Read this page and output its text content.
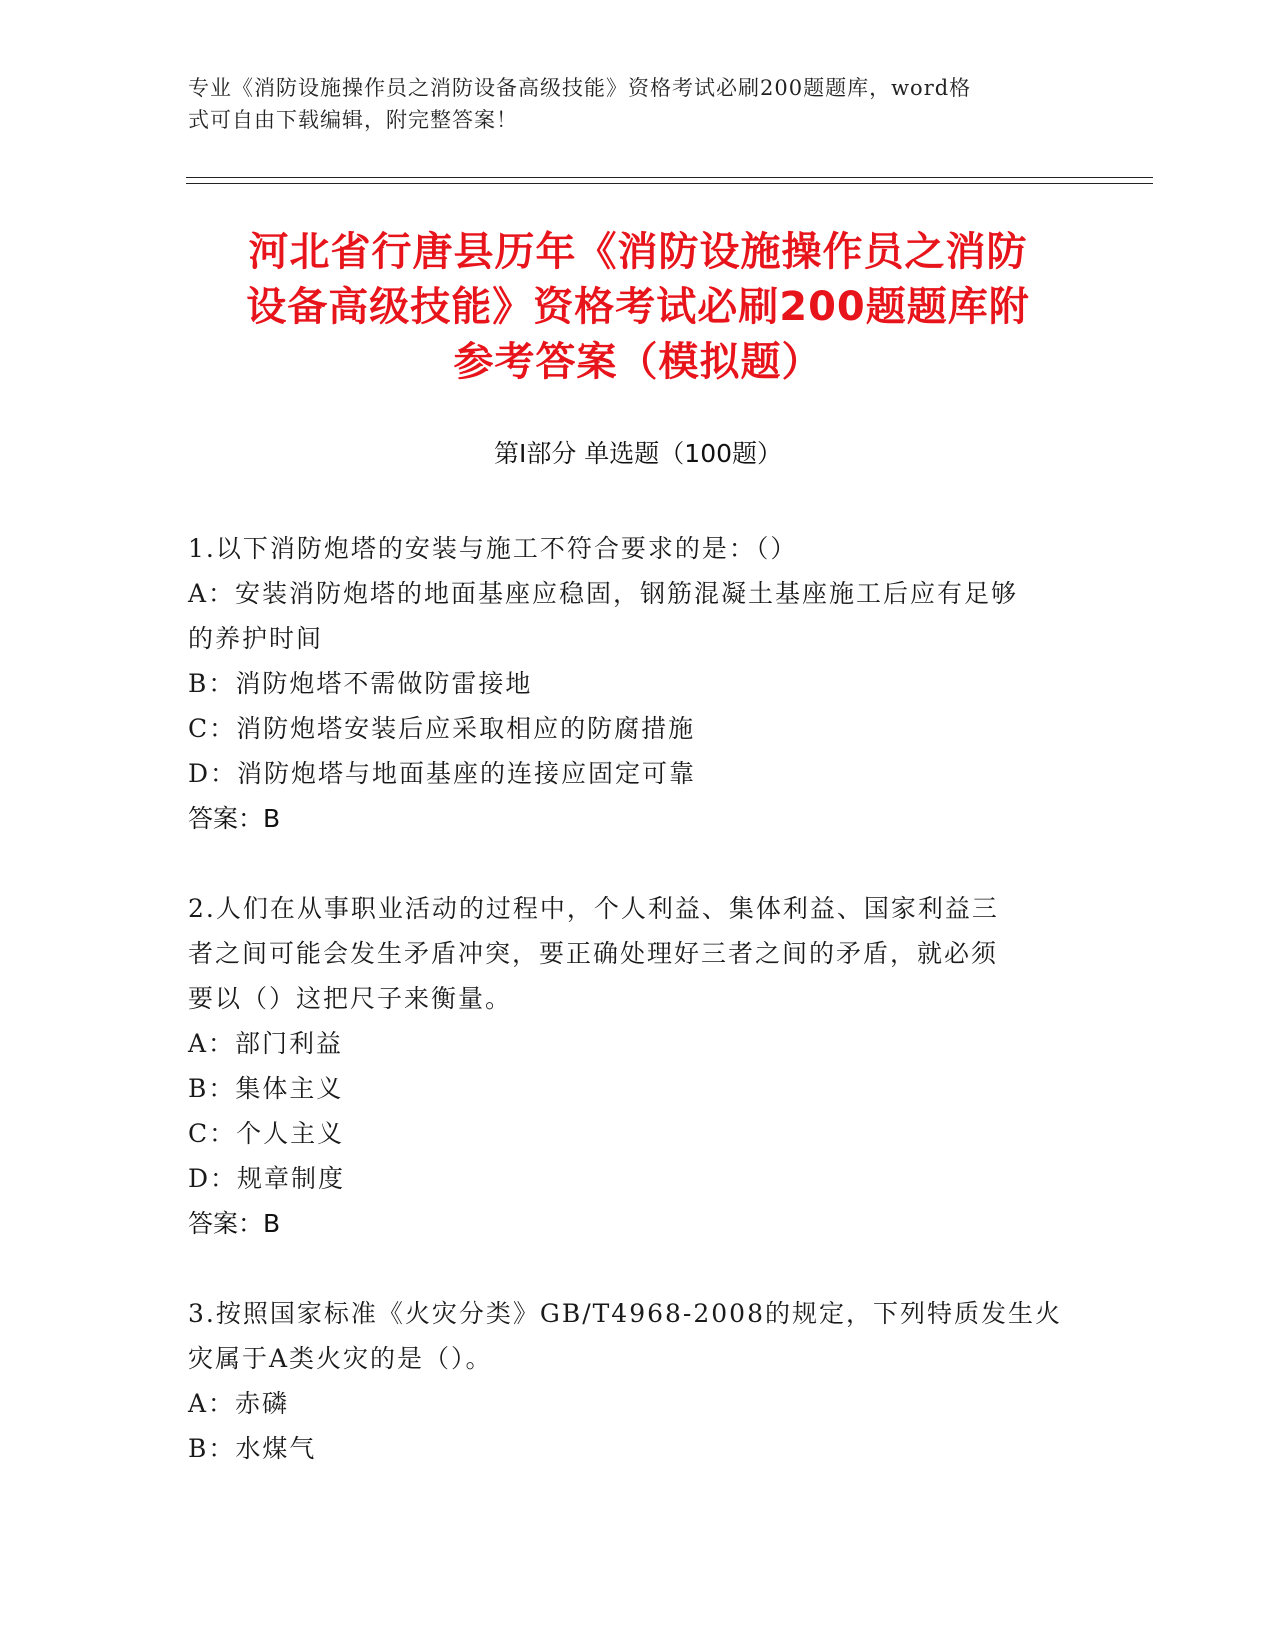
专业《消防设施操作员之消防设备高级技能》资格考试必刷200题题库，word格
式可自由下载编辑，附完整答案！
河北省行唐县历年《消防设施操作员之消防
设备高级技能》资格考试必刷200题题库附
参考答案（模拟题）
第Ⅰ部分 单选题（100题）

1.以下消防炮塔的安装与施工不符合要求的是：（）

A：安装消防炮塔的地面基座应稳固，钢筋混凝土基座施工后应有足够

的养护时间

B：消防炮塔不需做防雷接地

C：消防炮塔安装后应采取相应的防腐措施

D：消防炮塔与地面基座的连接应固定可靠

答案：B

2.人们在从事职业活动的过程中，个人利益、集体利益、国家利益三

者之间可能会发生矛盾冲突，要正确处理好三者之间的矛盾，就必须

要以（）这把尺子来衡量。

A：部门利益

B：集体主义

C：个人主义

D：规章制度

答案：B

3.按照国家标准《火灾分类》GB/T4968-2008的规定，下列特质发生火

灾属于A类火灾的是（）。

A：赤磷

B：水煤气
